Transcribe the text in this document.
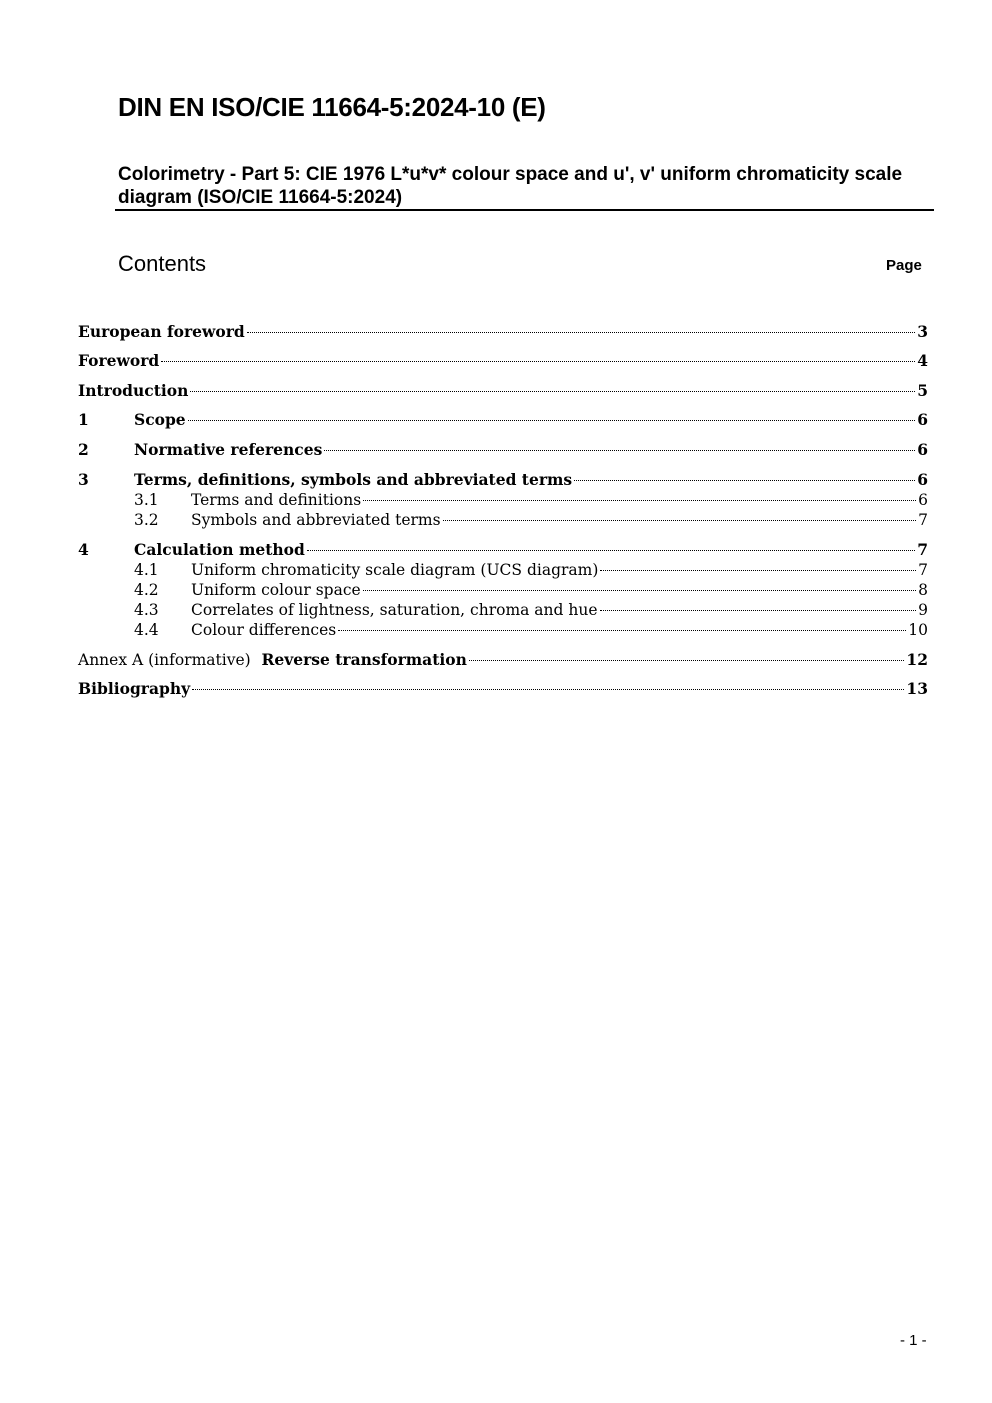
DIN EN ISO/CIE 11664-5:2024-10 (E)
Colorimetry - Part 5: CIE 1976 L*u*v* colour space and u', v' uniform chromaticity scale diagram (ISO/CIE 11664-5:2024)
Contents	Page
European foreword	3
Foreword	4
Introduction	5
1	Scope	6
2	Normative references	6
3	Terms, definitions, symbols and abbreviated terms	6
3.1	Terms and definitions	6
3.2	Symbols and abbreviated terms	7
4	Calculation method	7
4.1	Uniform chromaticity scale diagram (UCS diagram)	7
4.2	Uniform colour space	8
4.3	Correlates of lightness, saturation, chroma and hue	9
4.4	Colour differences	10
Annex A (informative)  Reverse transformation	12
Bibliography	13
- 1 -
